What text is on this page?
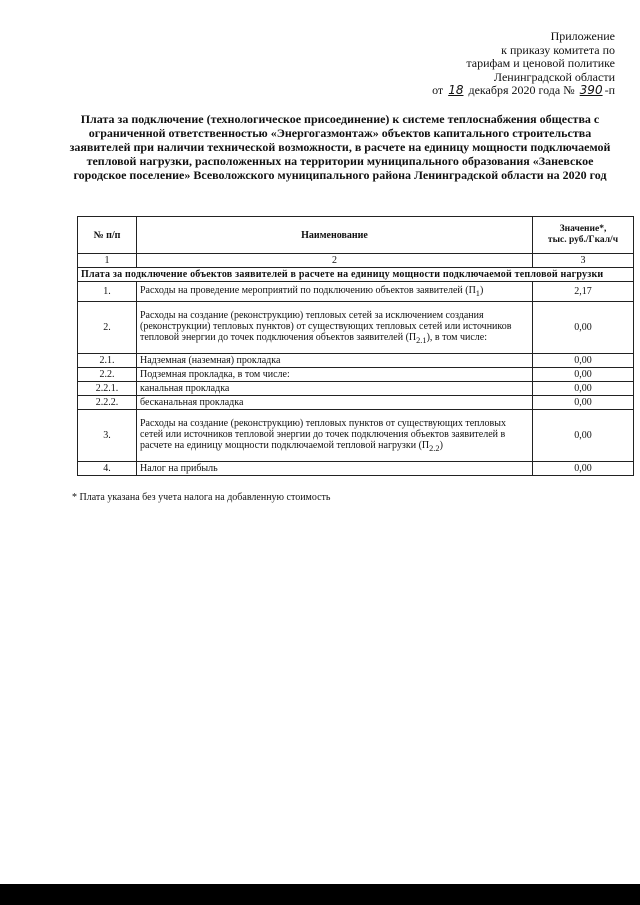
Приложение
к приказу комитета по
тарифам и ценовой политике
Ленинградской области
от 18 декабря 2020 года № 390 -п
Плата за подключение (технологическое присоединение) к системе теплоснабжения общества с ограниченной ответственностью «Энергогазмонтаж» объектов капитального строительства заявителей при наличии технической возможности, в расчете на единицу мощности подключаемой тепловой нагрузки, расположенных на территории муниципального образования «Заневское городское поселение» Всеволожского муниципального района Ленинградской области на 2020 год
№ п/п	Наименование	Значение*,
тыс. руб./Гкал/ч
1	2	3
Плата за подключение объектов заявителей в расчете на единицу мощности подключаемой тепловой нагрузки		
1.	Расходы на проведение мероприятий по подключению объектов заявителей $(П_1)$	2,17
2.	Расходы на создание (реконструкцию) тепловых сетей за исключением создания (реконструкции) тепловых пунктов) от существующих тепловых сетей или источников тепловой энергии до точек подключения объектов заявителей $(П_{2.1})$, в том числе:	0,00
2.1.	Надземная (наземная) прокладка	0,00
2.2.	Подземная прокладка, в том числе:	0,00
2.2.1.	канальная прокладка	0,00
2.2.2.	бесканальная прокладка	0,00
3.	Расходы на создание (реконструкцию) тепловых пунктов от существующих тепловых сетей или источников тепловой энергии до точек подключения объектов заявителей в расчете на единицу мощности подключаемой тепловой нагрузки $(П_{2.2})$	0,00
4.	Налог на прибыль	0,00
* Плата указана без учета налога на добавленную стоимость
